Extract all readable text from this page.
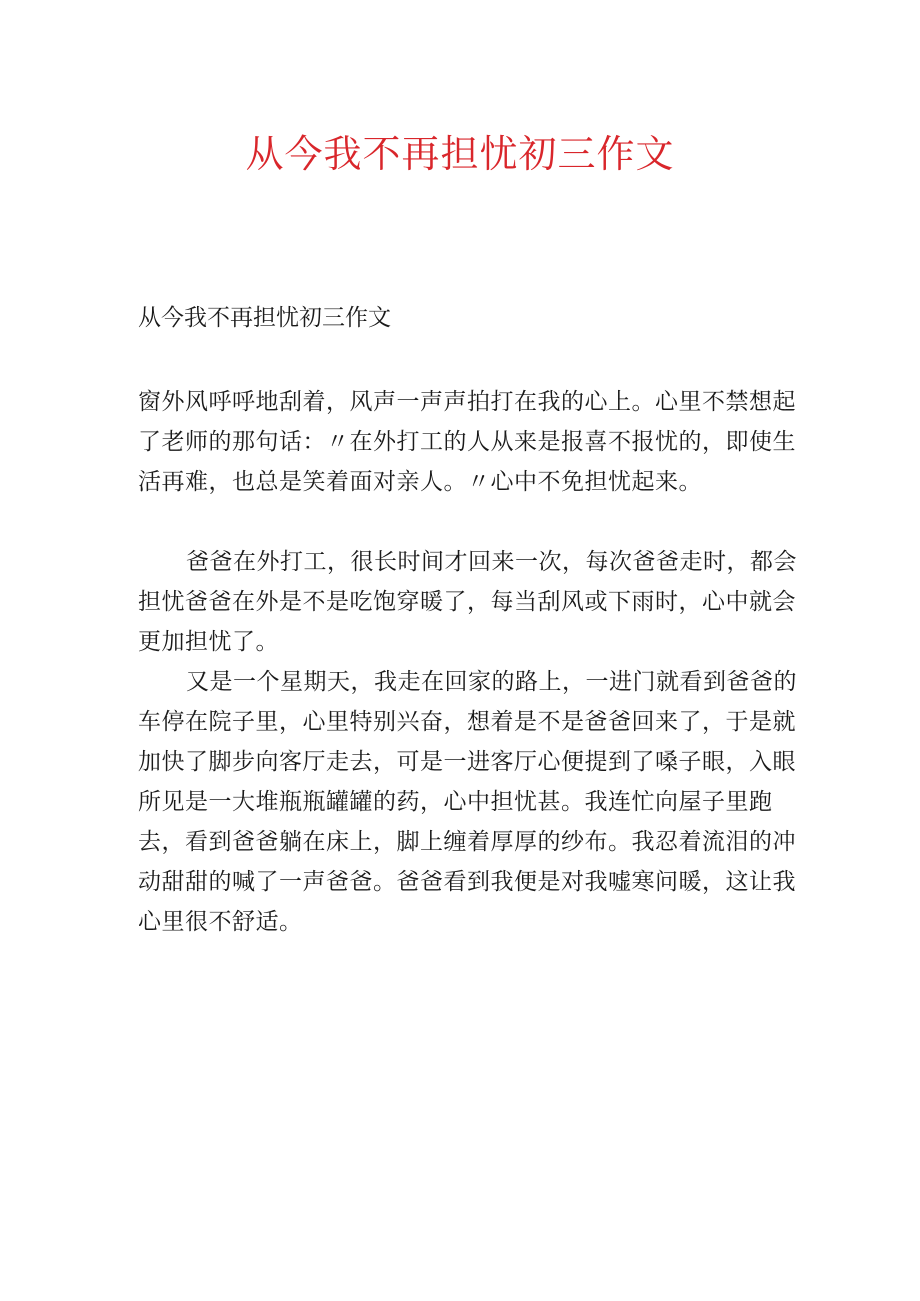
从今我不再担忧初三作文

从今我不再担忧初三作文

窗外风呼呼地刮着，风声一声声拍打在我的心上。心里不禁想起了老师的那句话：〃在外打工的人从来是报喜不报忧的，即使生活再难，也总是笑着面对亲人。〃心中不免担忧起来。

爸爸在外打工，很长时间才回来一次，每次爸爸走时，都会担忧爸爸在外是不是吃饱穿暖了，每当刮风或下雨时，心中就会更加担忧了。

又是一个星期天，我走在回家的路上，一进门就看到爸爸的车停在院子里，心里特别兴奋，想着是不是爸爸回来了，于是就加快了脚步向客厅走去，可是一进客厅心便提到了嗓子眼，入眼所见是一大堆瓶瓶罐罐的药，心中担忧甚。我连忙向屋子里跑去，看到爸爸躺在床上，脚上缠着厚厚的纱布。我忍着流泪的冲动甜甜的喊了一声爸爸。爸爸看到我便是对我嘘寒问暖，这让我心里很不舒适。
